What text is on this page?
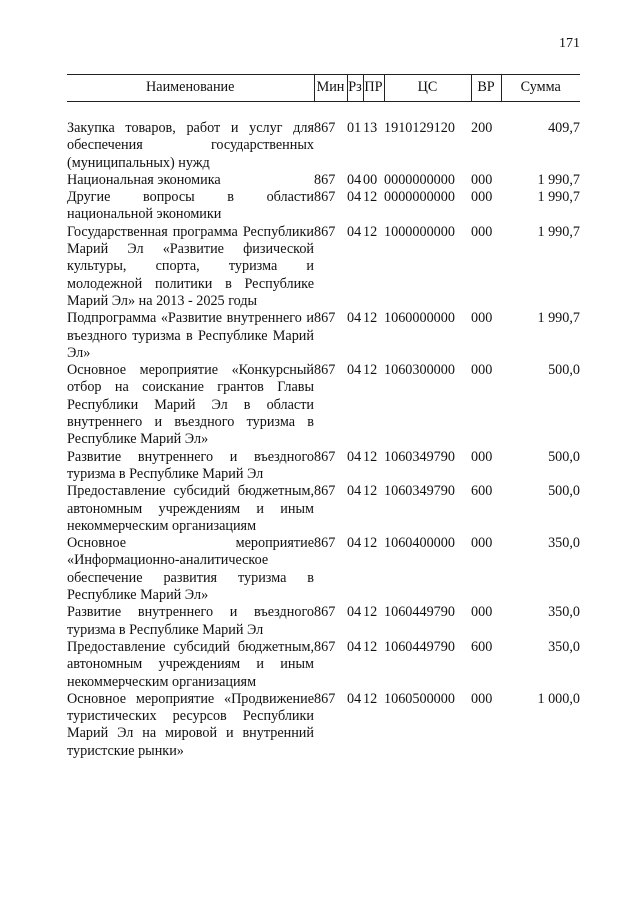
171
Наименование	Мин	Рз	ПР	ЦС	ВР	Сумма

Закупка товаров, работ и услуг для обеспечения государственных (муниципальных) нужд	867	01	13	1910129120	200	409,7
Национальная экономика	867	04	00	0000000000	000	1 990,7
Другие вопросы в области национальной экономики	867	04	12	0000000000	000	1 990,7
Государственная программа Республики Марий Эл «Развитие физической культуры, спорта, туризма и молодежной политики в Республике Марий Эл» на 2013 - 2025 годы	867	04	12	1000000000	000	1 990,7
Подпрограмма «Развитие внутреннего и въездного туризма в Республике Марий Эл»	867	04	12	1060000000	000	1 990,7
Основное мероприятие «Конкурсный отбор на соискание грантов Главы Республики Марий Эл в области внутреннего и въездного туризма в Республике Марий Эл»	867	04	12	1060300000	000	500,0
Развитие внутреннего и въездного туризма в Республике Марий Эл	867	04	12	1060349790	000	500,0
Предоставление субсидий бюджетным, автономным учреждениям и иным некоммерческим организациям	867	04	12	1060349790	600	500,0
Основное мероприятие «Информационно-аналитическое обеспечение развития туризма в Республике Марий Эл»	867	04	12	1060400000	000	350,0
Развитие внутреннего и въездного туризма в Республике Марий Эл	867	04	12	1060449790	000	350,0
Предоставление субсидий бюджетным, автономным учреждениям и иным некоммерческим организациям	867	04	12	1060449790	600	350,0
Основное мероприятие «Продвижение туристических ресурсов Республики Марий Эл на мировой и внутренний туристские рынки»	867	04	12	1060500000	000	1 000,0
